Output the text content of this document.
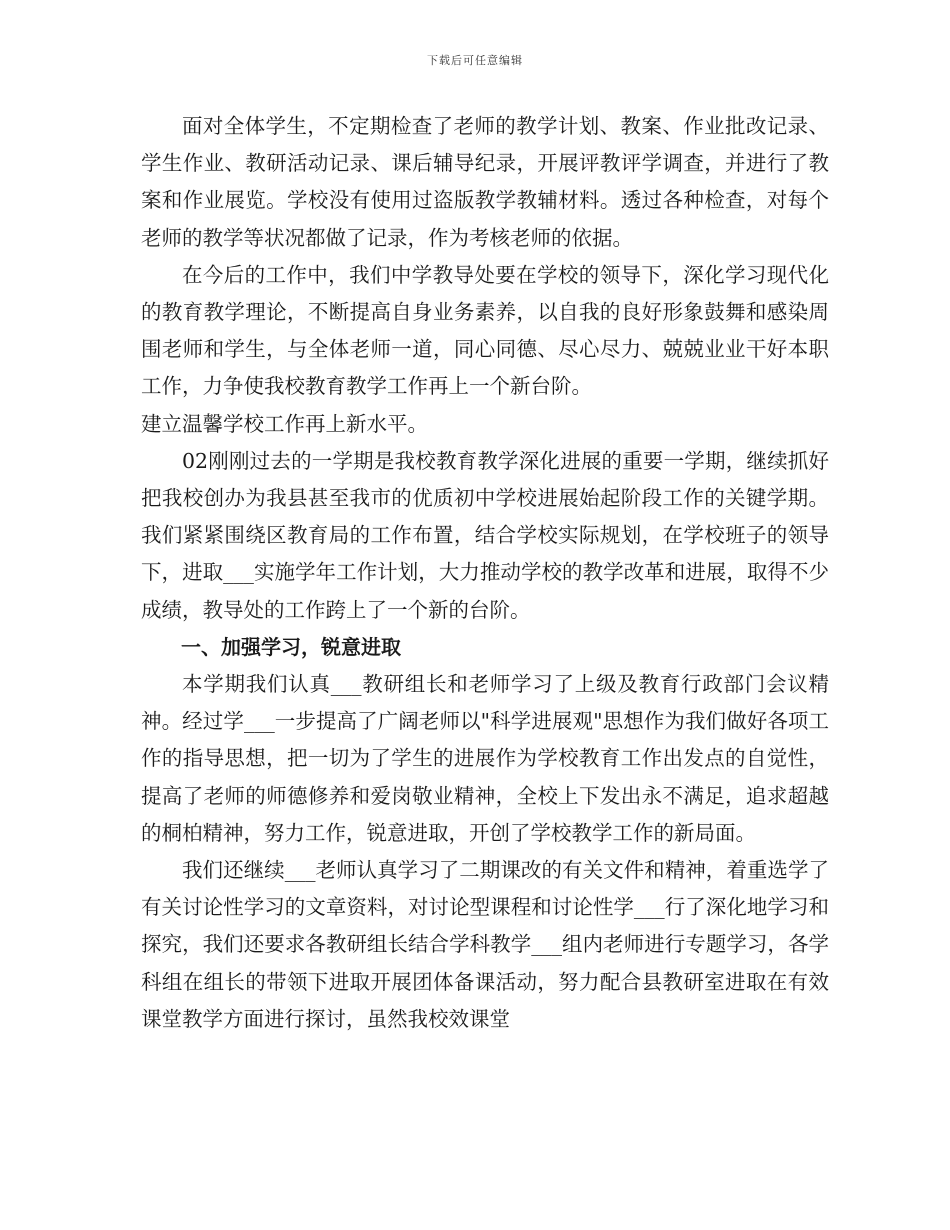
下载后可任意编辑

面对全体学生，不定期检查了老师的教学计划、教案、作业批改记录、学生作业、教研活动记录、课后辅导纪录，开展评教评学调查，并进行了教案和作业展览。学校没有使用过盗版教学教辅材料。透过各种检查，对每个老师的教学等状况都做了记录，作为考核老师的依据。

在今后的工作中，我们中学教导处要在学校的领导下，深化学习现代化的教育教学理论，不断提高自身业务素养，以自我的良好形象鼓舞和感染周围老师和学生，与全体老师一道，同心同德、尽心尽力、兢兢业业干好本职工作，力争使我校教育教学工作再上一个新台阶。

建立温馨学校工作再上新水平。

02刚刚过去的一学期是我校教育教学深化进展的重要一学期，继续抓好把我校创办为我县甚至我市的优质初中学校进展始起阶段工作的关键学期。我们紧紧围绕区教育局的工作布置，结合学校实际规划，在学校班子的领导下，进取___实施学年工作计划，大力推动学校的教学改革和进展，取得不少成绩，教导处的工作跨上了一个新的台阶。

一、加强学习，锐意进取

本学期我们认真___教研组长和老师学习了上级及教育行政部门会议精神。经过学___一步提高了广阔老师以"科学进展观"思想作为我们做好各项工作的指导思想，把一切为了学生的进展作为学校教育工作出发点的自觉性，提高了老师的师德修养和爱岗敬业精神，全校上下发出永不满足，追求超越的桐柏精神，努力工作，锐意进取，开创了学校教学工作的新局面。

我们还继续___老师认真学习了二期课改的有关文件和精神，着重选学了有关讨论性学习的文章资料，对讨论型课程和讨论性学___行了深化地学习和探究，我们还要求各教研组长结合学科教学___组内老师进行专题学习，各学科组在组长的带领下进取开展团体备课活动，努力配合县教研室进取在有效课堂教学方面进行探讨，虽然我校效课堂
